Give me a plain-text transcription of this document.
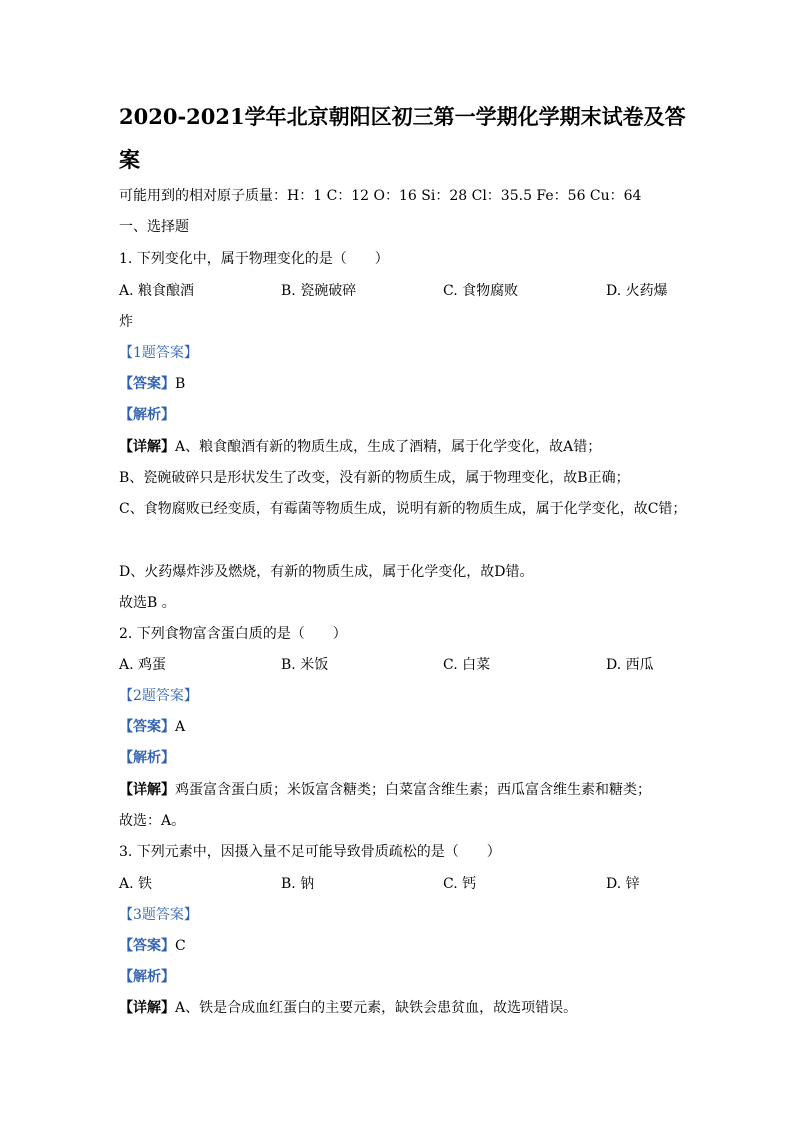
2020-2021学年北京朝阳区初三第一学期化学期末试卷及答
案
可能用到的相对原子质量：H：1 C：12 O：16 Si：28 Cl：35.5 Fe：56 Cu：64
一、选择题
1. 下列变化中，属于物理变化的是（　　）
A. 粮食酿酒	B. 瓷碗破碎	C. 食物腐败	D. 火药爆
炸
【1题答案】
【答案】B
【解析】
【详解】A、粮食酿酒有新的物质生成，生成了酒精，属于化学变化，故A错；
B、瓷碗破碎只是形状发生了改变，没有新的物质生成，属于物理变化，故B正确；
C、食物腐败已经变质，有霉菌等物质生成，说明有新的物质生成，属于化学变化，故C错；
D、火药爆炸涉及燃烧，有新的物质生成，属于化学变化，故D错。
故选B 。
2. 下列食物富含蛋白质的是（　　）
A. 鸡蛋	B. 米饭	C. 白菜	D. 西瓜
【2题答案】
【答案】A
【解析】
【详解】鸡蛋富含蛋白质；米饭富含糖类；白菜富含维生素；西瓜富含维生素和糖类；
故选：A。
3. 下列元素中，因摄入量不足可能导致骨质疏松的是（　　）
A. 铁	B. 钠	C. 钙	D. 锌
【3题答案】
【答案】C
【解析】
【详解】A、铁是合成血红蛋白的主要元素，缺铁会患贫血，故选项错误。
